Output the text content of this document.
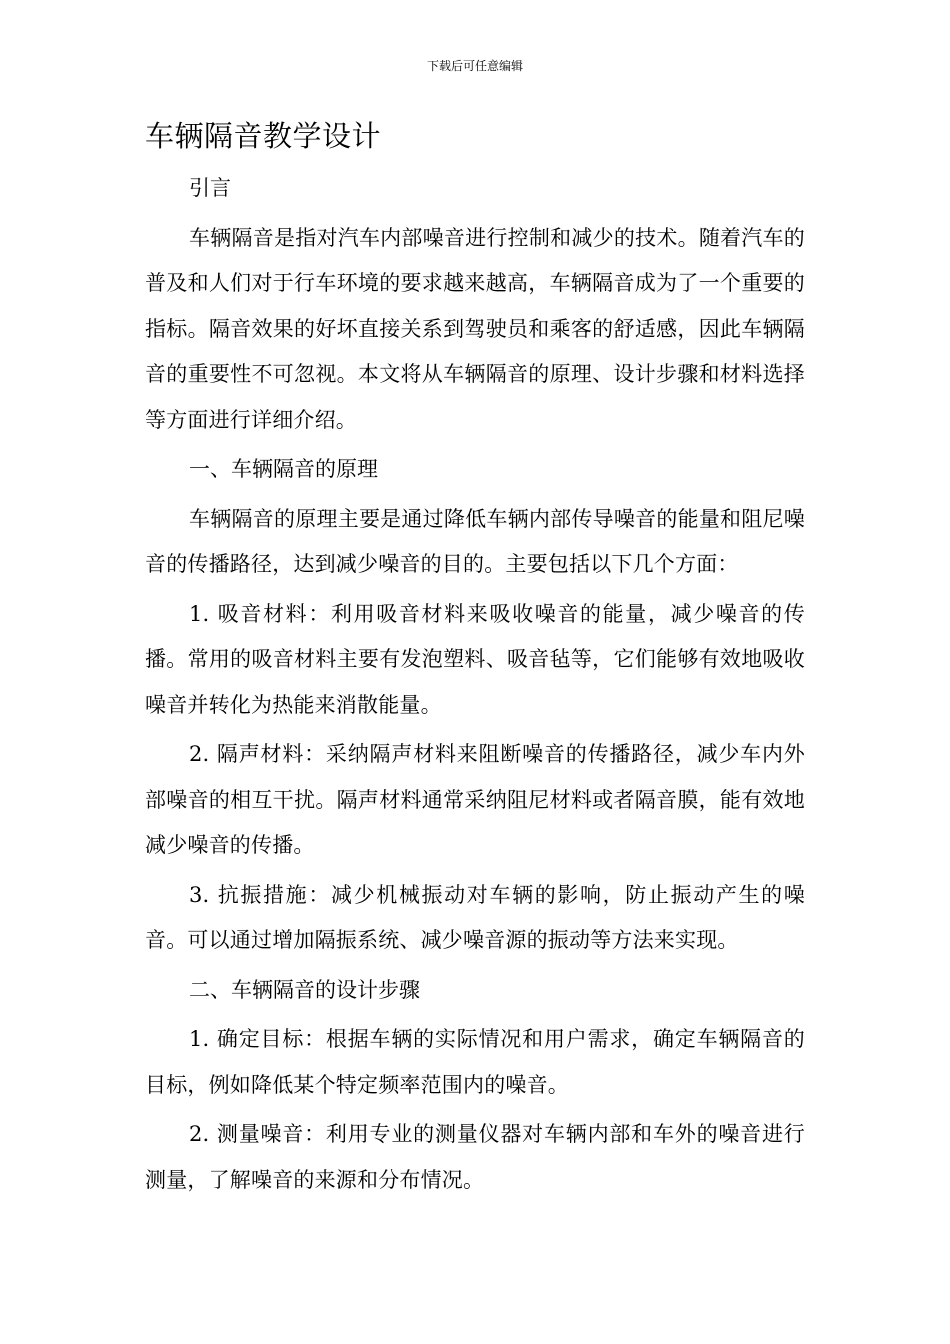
下载后可任意编辑
车辆隔音教学设计

引言

车辆隔音是指对汽车内部噪音进行控制和减少的技术。随着汽车的普及和人们对于行车环境的要求越来越高，车辆隔音成为了一个重要的指标。隔音效果的好坏直接关系到驾驶员和乘客的舒适感，因此车辆隔音的重要性不可忽视。本文将从车辆隔音的原理、设计步骤和材料选择等方面进行详细介绍。

一、车辆隔音的原理

车辆隔音的原理主要是通过降低车辆内部传导噪音的能量和阻尼噪音的传播路径，达到减少噪音的目的。主要包括以下几个方面：

1. 吸音材料：利用吸音材料来吸收噪音的能量，减少噪音的传播。常用的吸音材料主要有发泡塑料、吸音毡等，它们能够有效地吸收噪音并转化为热能来消散能量。

2. 隔声材料：采纳隔声材料来阻断噪音的传播路径，减少车内外部噪音的相互干扰。隔声材料通常采纳阻尼材料或者隔音膜，能有效地减少噪音的传播。

3. 抗振措施：减少机械振动对车辆的影响，防止振动产生的噪音。可以通过增加隔振系统、减少噪音源的振动等方法来实现。

二、车辆隔音的设计步骤

1. 确定目标：根据车辆的实际情况和用户需求，确定车辆隔音的目标，例如降低某个特定频率范围内的噪音。

2. 测量噪音：利用专业的测量仪器对车辆内部和车外的噪音进行测量，了解噪音的来源和分布情况。
